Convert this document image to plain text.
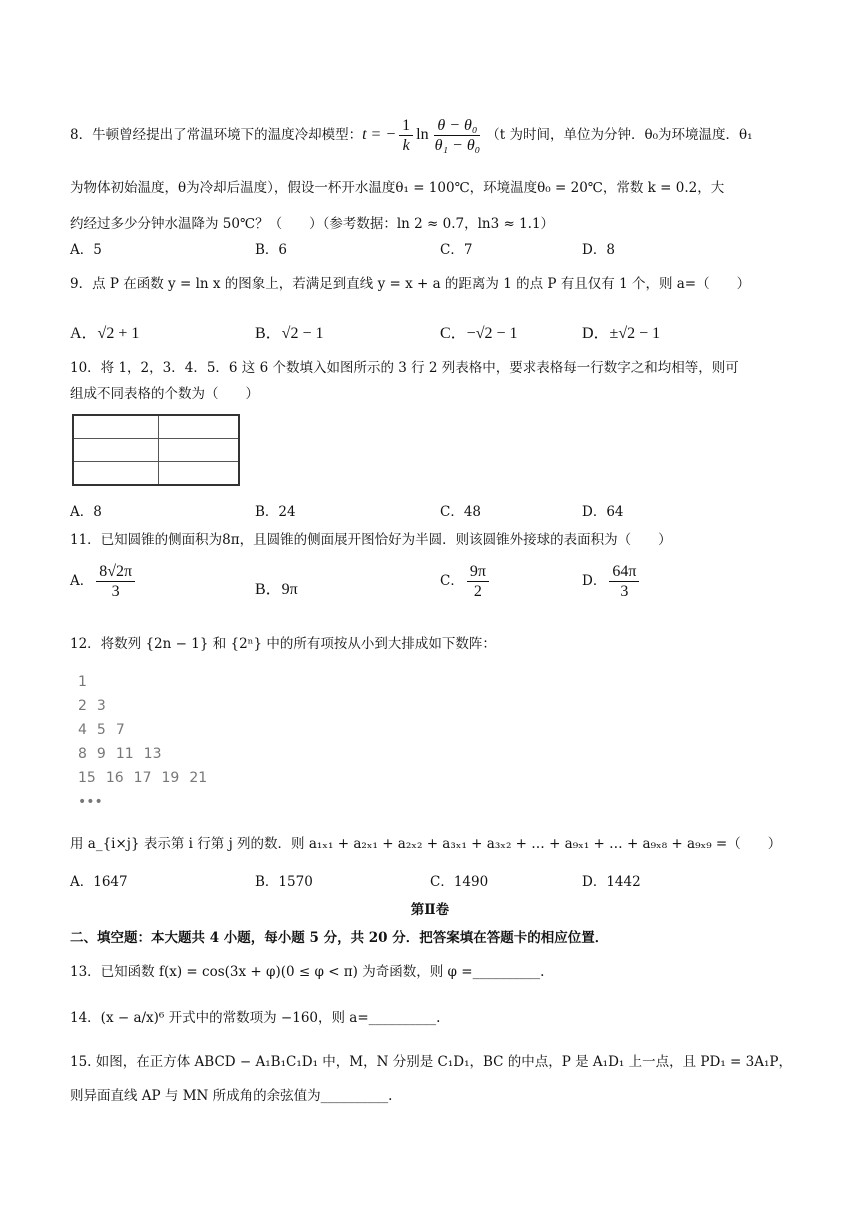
8．牛顿曾经提出了常温环境下的温度冷却模型：t = − $\frac{1}{k}$ $\ln \frac{\text{θ − θ₀}}{\text{θ₁ − θ₀}} (t$ 为时间，单位为分钟．θ₀为环境温度．θ₁
为物体初始温度，θ为冷却后温度），假设一杯开水温度θ₁ = 100℃，环境温度θ₀ = 20℃，常数 k = 0.2，大
约经过多少分钟水温降为 50℃？（　　）（参考数据：ln 2 ≈ 0.7，ln3 ≈ 1.1）
A．5	B．6	C．7	D．8
9．点 P 在函数 y = ln x 的图象上，若满足到直线 y = x + a 的距离为 1 的点 P 有且仅有 1 个，则 a=（　　）
A．√2 + 1	B．√2 − 1	C．−√2 − 1	D．±√2 − 1
10．将 1，2，3．4．5．6 这 6 个数填入如图所示的 3 行 2 列表格中，要求表格每一行数字之和均相等，则可
组成不同表格的个数为（　　）
A．8	B．24	C．48	D．64
11．已知圆锥的侧面积为8π，且圆锥的侧面展开图恰好为半圆．则该圆锥外接球的表面积为（　　）
A． $\frac{8√2\pi}{3}$	B．9π	C． $\frac{9\pi}{2}$	D． $\frac{64\pi}{3}$
12．将数列 {2n − 1} 和 {2ⁿ} 中的所有项按从小到大排成如下数阵：
1
2 3
4 5 7
8 9 11 13
15 16 17 19 21
•••
用 a_{i×j} 表示第 i 行第 j 列的数．则 a₁ₓ₁ + a₂ₓ₁ + a₂ₓ₂ + a₃ₓ₁ + a₃ₓ₂ + … + a₉ₓ₁ + … + a₉ₓ₈ + a₉ₓ₉ =（　　）
A．1647	B．1570	C．1490	D．1442
第Ⅱ卷
二、填空题：本大题共 4 小题，每小题 5 分，共 20 分．把答案填在答题卡的相应位置．
13．已知函数 f(x) = cos(3x + φ)(0 ≤ φ < π) 为奇函数，则 φ =__________.
14．(x − a/x)⁶ 开式中的常数项为 −160，则 a=__________.
15. 如图，在正方体 ABCD − A₁B₁C₁D₁ 中，M，N 分别是 C₁D₁，BC 的中点，P 是 A₁D₁ 上一点，且 PD₁ = 3A₁P，
则异面直线 AP 与 MN 所成角的余弦值为__________.
